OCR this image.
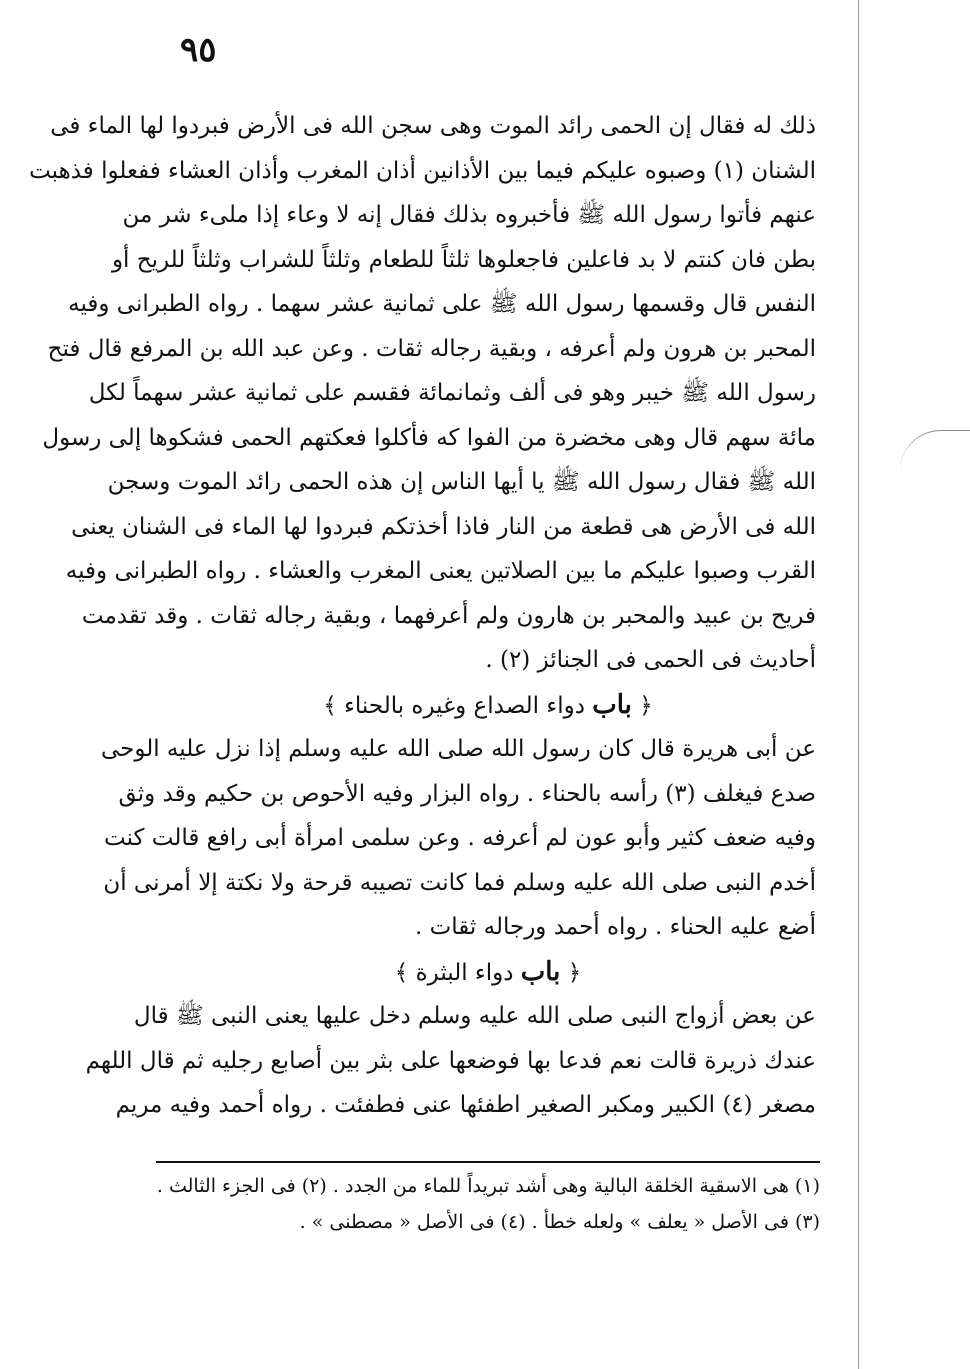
٩٥
ذلك له فقال إن الحمى رائد الموت وهى سجن الله فى الأرض فبردوا لها الماء فى
الشنان (١) وصبوه عليكم فيما بين الأذانين أذان المغرب وأذان العشاء ففعلوا فذهبت
عنهم فأتوا رسول الله ﷺ فأخبروه بذلك فقال إنه لا وعاء إذا ملىء شر من
بطن فان كنتم لا بد فاعلين فاجعلوها ثلثاً للطعام وثلثاً للشراب وثلثاً للريح أو
النفس قال وقسمها رسول الله ﷺ على ثمانية عشر سهما . رواه الطبرانى وفيه
المحبر بن هرون ولم أعرفه ، وبقية رجاله ثقات . وعن عبد الله بن المرفع قال فتح
رسول الله ﷺ خيبر وهو فى ألف وثمانمائة فقسم على ثمانية عشر سهماً لكل
مائة سهم قال وهى مخضرة من الفوا كه فأكلوا فعكتهم الحمى فشكوها إلى رسول
الله ﷺ فقال رسول الله ﷺ يا أيها الناس إن هذه الحمى رائد الموت وسجن
الله فى الأرض هى قطعة من النار فاذا أخذتكم فبردوا لها الماء فى الشنان يعنى
القرب وصبوا عليكم ما بين الصلاتين يعنى المغرب والعشاء . رواه الطبرانى وفيه
فريح بن عبيد والمحبر بن هارون ولم أعرفهما ، وبقية رجاله ثقات . وقد تقدمت
أحاديث فى الحمى فى الجنائز (٢) .
﴿ باب دواء الصداع وغيره بالحناء ﴾
عن أبى هريرة قال كان رسول الله صلى الله عليه وسلم إذا نزل عليه الوحى
صدع فيغلف (٣) رأسه بالحناء . رواه البزار وفيه الأحوص بن حكيم وقد وثق
وفيه ضعف كثير وأبو عون لم أعرفه . وعن سلمى امرأة أبى رافع قالت كنت
أخدم النبى صلى الله عليه وسلم فما كانت تصيبه قرحة ولا نكتة إلا أمرنى أن
أضع عليه الحناء . رواه أحمد ورجاله ثقات .
﴿ باب دواء البثرة ﴾
عن بعض أزواج النبى صلى الله عليه وسلم دخل عليها يعنى النبى ﷺ قال
عندك ذريرة قالت نعم فدعا بها فوضعها على بثر بين أصابع رجليه ثم قال اللهم
مصغر (٤) الكبير ومكبر الصغير اطفئها عنى فطفئت . رواه أحمد وفيه مريم
(١) هى الاسقية الخلقة البالية وهى أشد تبريداً للماء من الجدد . (٢) فى الجزء الثالث .
(٣) فى الأصل « يعلف » ولعله خطأ . (٤) فى الأصل « مصطنى » .
